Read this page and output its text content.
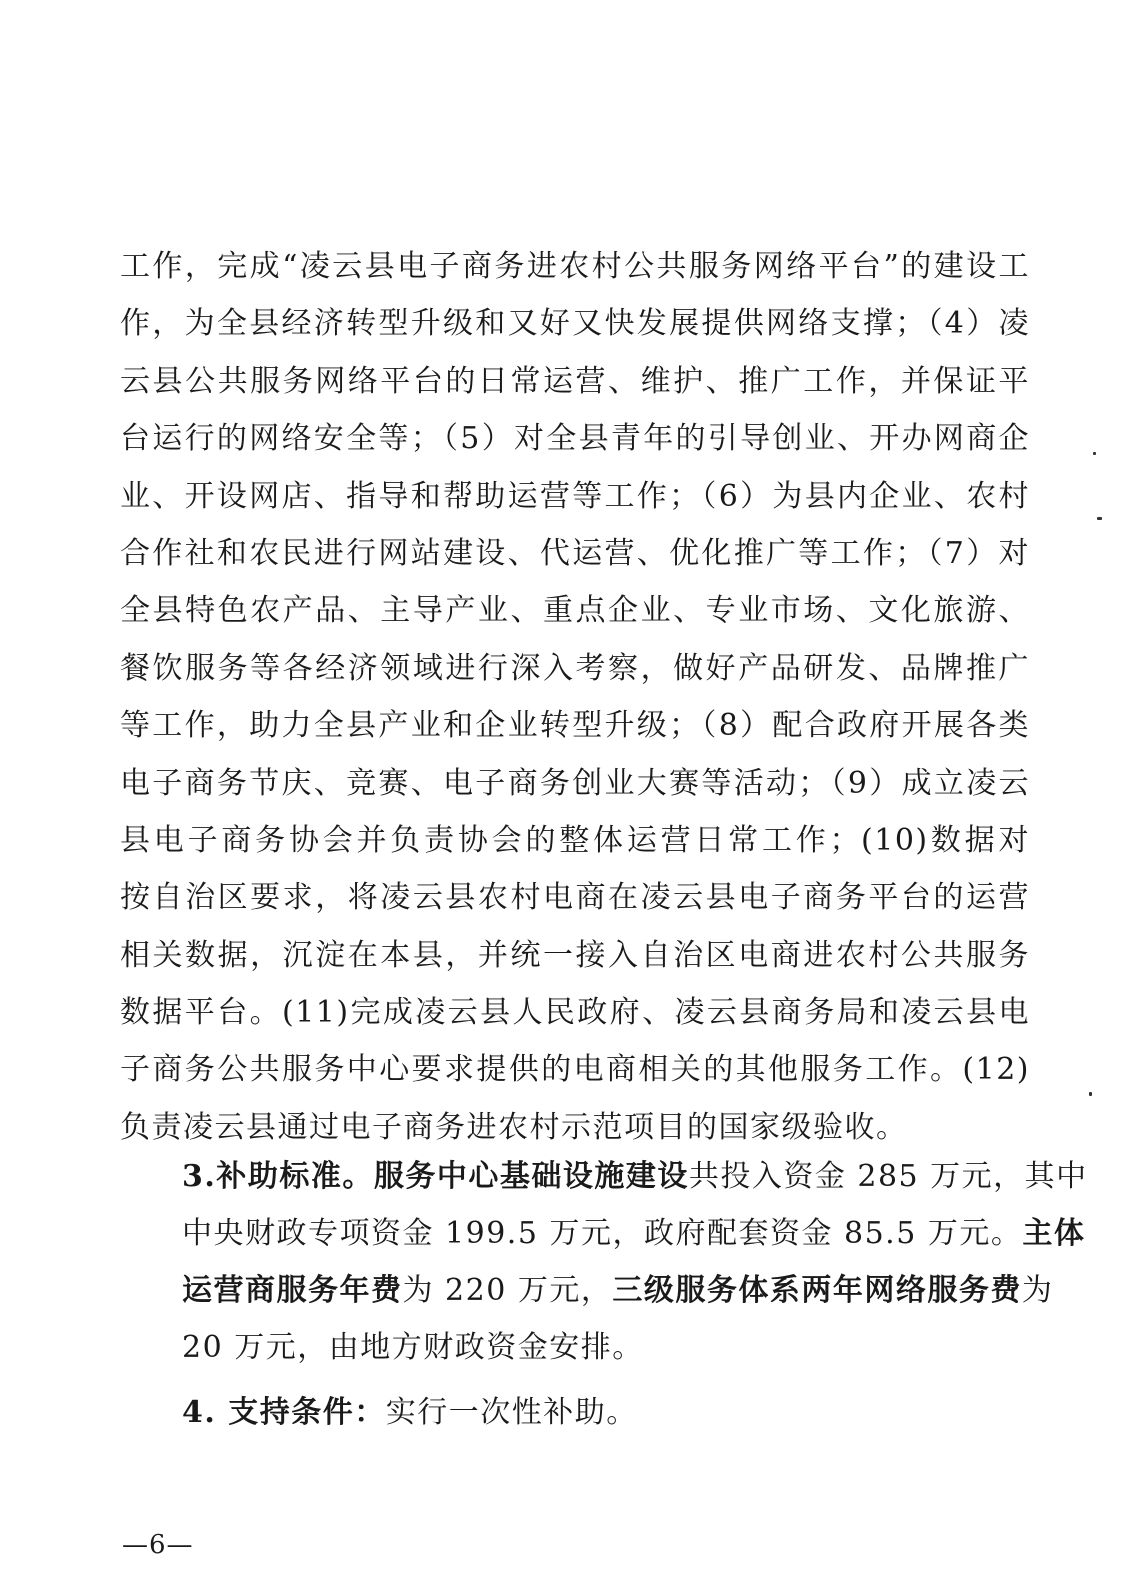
工作，完成“凌云县电子商务进农村公共服务网络平台”的建设工
作，为全县经济转型升级和又好又快发展提供网络支撑；（4）凌
云县公共服务网络平台的日常运营、维护、推广工作，并保证平
台运行的网络安全等；（5）对全县青年的引导创业、开办网商企
业、开设网店、指导和帮助运营等工作；（6）为县内企业、农村
合作社和农民进行网站建设、代运营、优化推广等工作；（7）对
全县特色农产品、主导产业、重点企业、专业市场、文化旅游、
餐饮服务等各经济领域进行深入考察，做好产品研发、品牌推广
等工作，助力全县产业和企业转型升级；（8）配合政府开展各类
电子商务节庆、竞赛、电子商务创业大赛等活动；（9）成立凌云
县电子商务协会并负责协会的整体运营日常工作；(10)数据对
按自治区要求，将凌云县农村电商在凌云县电子商务平台的运营
相关数据，沉淀在本县，并统一接入自治区电商进农村公共服务
数据平台。(11)完成凌云县人民政府、凌云县商务局和凌云县电
子商务公共服务中心要求提供的电商相关的其他服务工作。(12)
负责凌云县通过电子商务进农村示范项目的国家级验收。
3.补助标准。服务中心基础设施建设共投入资金 285 万元，其中中央财政专项资金 199.5 万元，政府配套资金 85.5 万元。主体运营商服务年费为 220 万元，三级服务体系两年网络服务费为 20 万元，由地方财政资金安排。
4. 支持条件：实行一次性补助。
—6—
